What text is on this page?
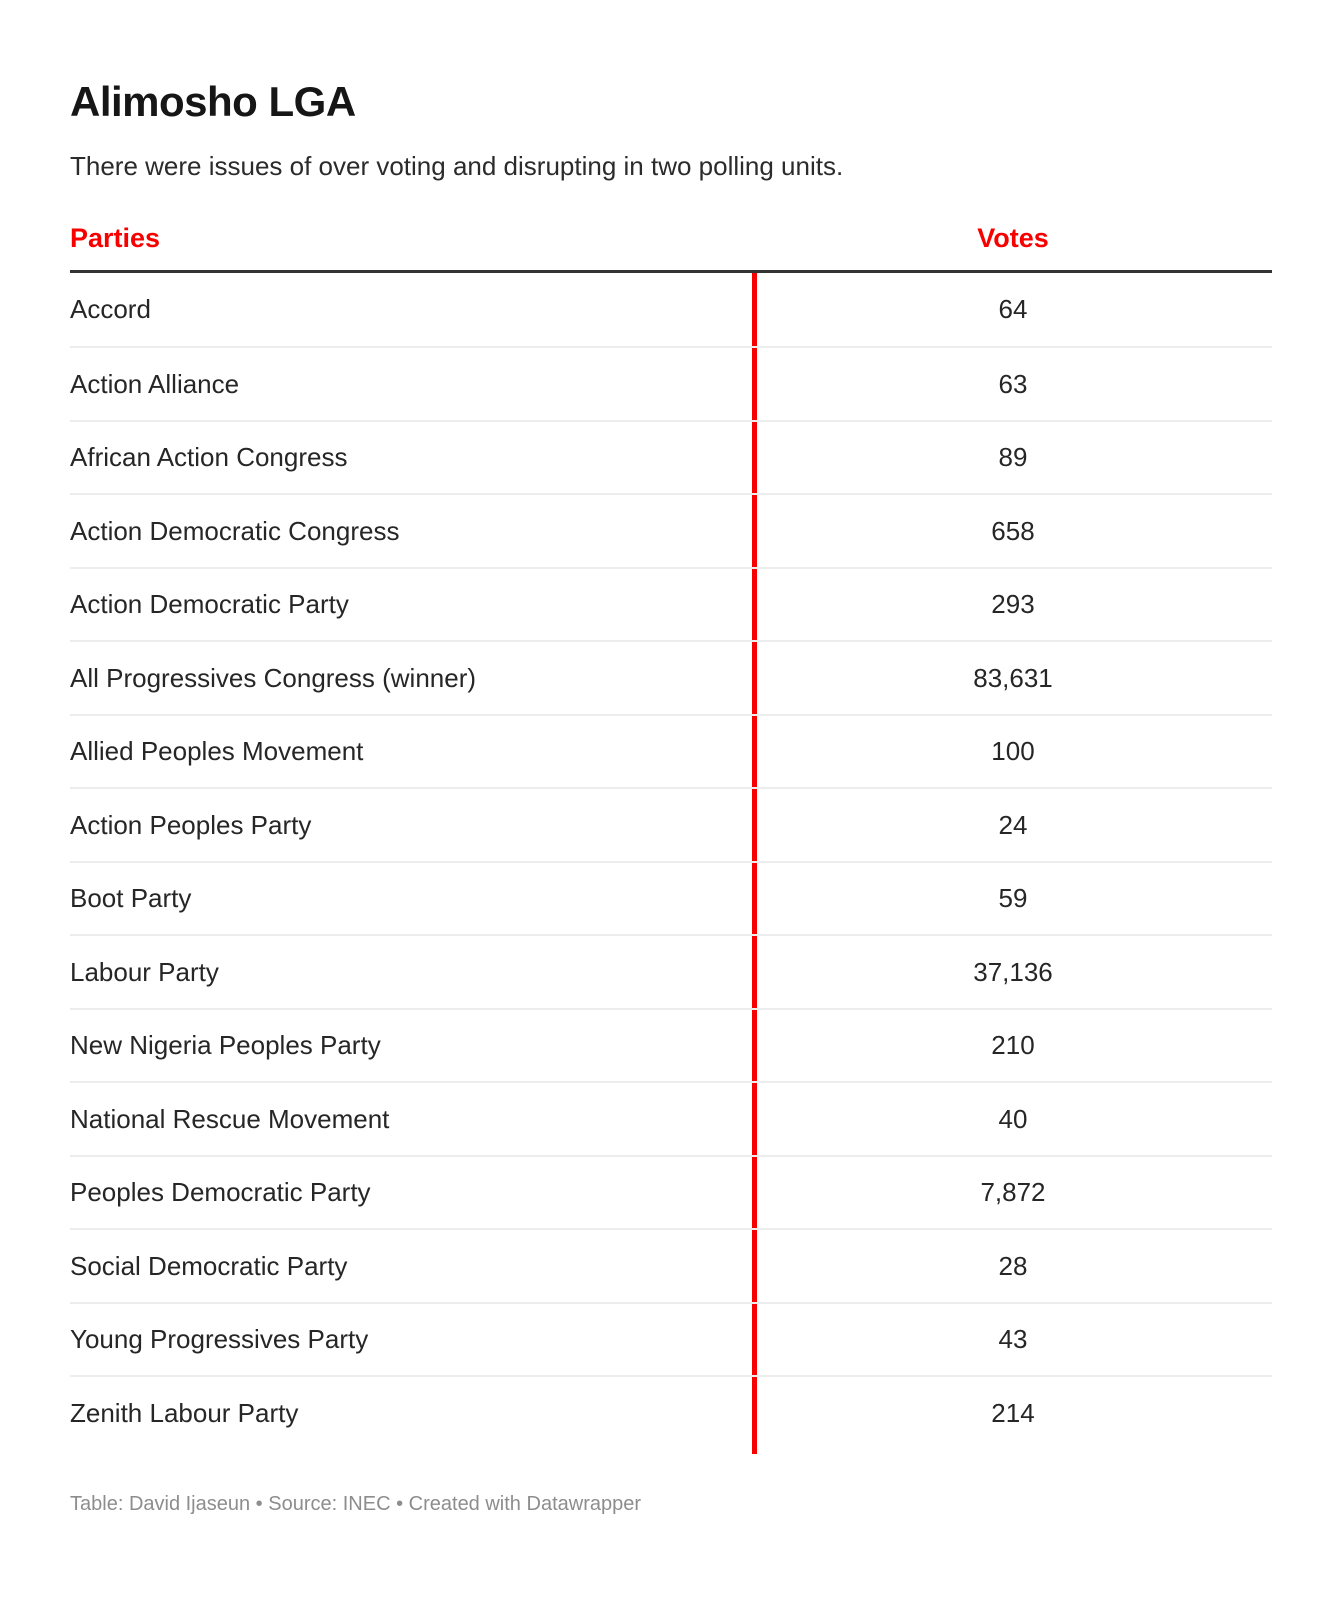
Alimosho LGA

There were issues of over voting and disrupting in two polling units.

Parties	Votes
Accord	64
Action Alliance	63
African Action Congress	89
Action Democratic Congress	658
Action Democratic Party	293
All Progressives Congress (winner)	83,631
Allied Peoples Movement	100
Action Peoples Party	24
Boot Party	59
Labour Party	37,136
New Nigeria Peoples Party	210
National Rescue Movement	40
Peoples Democratic Party	7,872
Social Democratic Party	28
Young Progressives Party	43
Zenith Labour Party	214

Table: David Ijaseun • Source: INEC • Created with Datawrapper
